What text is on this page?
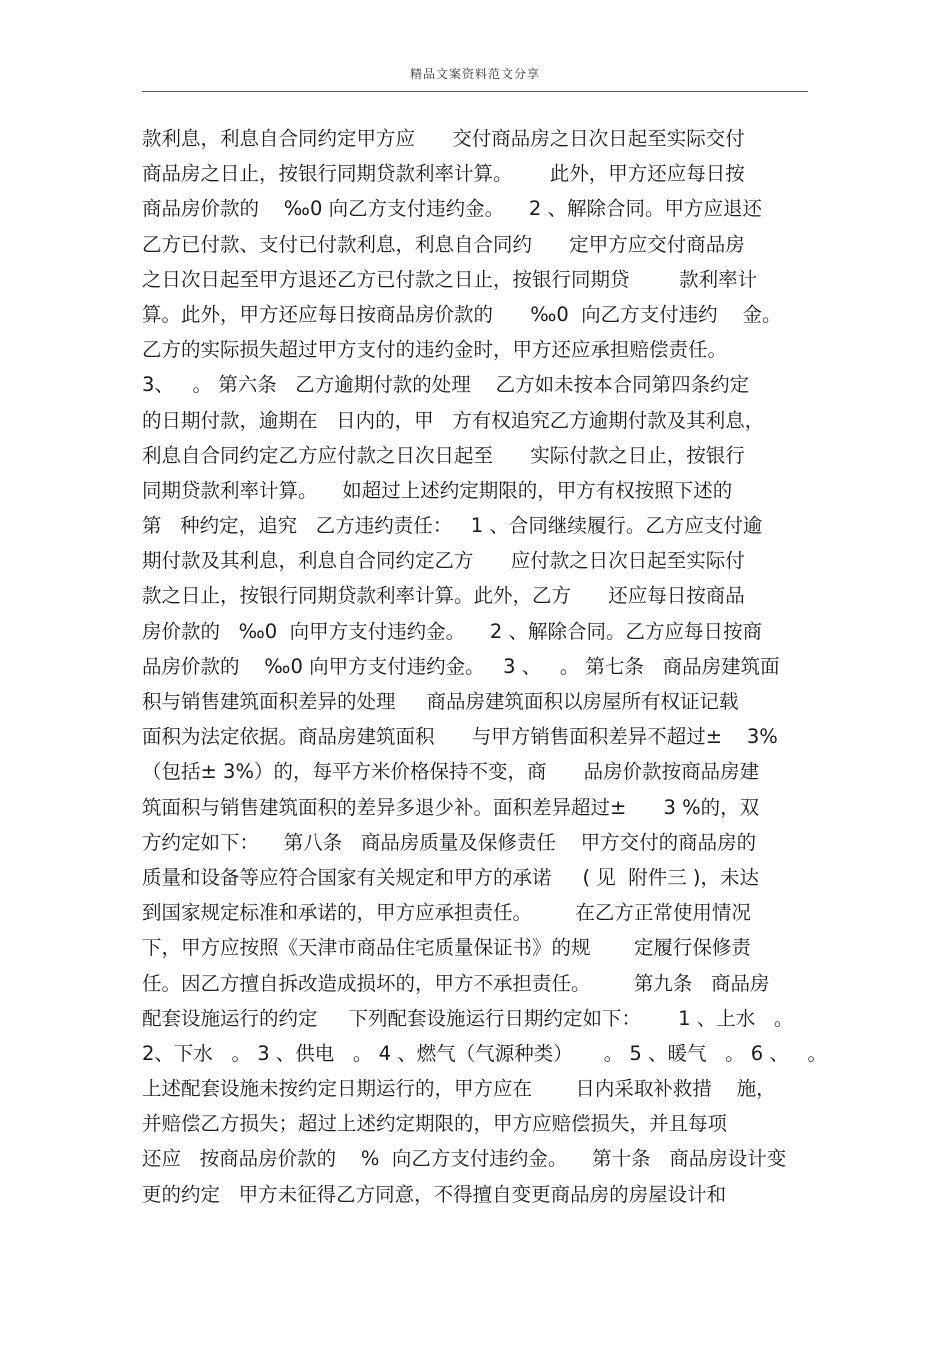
精品文案资料范文分享
款利息，利息自合同约定甲方应      交付商品房之日次日起至实际交付
商品房之日止，按银行同期贷款利率计算。      此外，甲方还应每日按
商品房价款的    ‰0 向乙方支付违约金。    2 、解除合同。甲方应退还
乙方已付款、支付已付款利息，利息自合同约      定甲方应交付商品房
之日次日起至甲方退还乙方已付款之日止，按银行同期贷        款利率计
算。此外，甲方还应每日按商品房价款的      ‰0  向乙方支付违约    金。
乙方的实际损失超过甲方支付的违约金时，甲方还应承担赔偿责任。
3、   。 第六条   乙方逾期付款的处理    乙方如未按本合同第四条约定
的日期付款，逾期在   日内的，甲   方有权追究乙方逾期付款及其利息，
利息自合同约定乙方应付款之日次日起至      实际付款之日止，按银行
同期贷款利率计算。    如超过上述约定期限的，甲方有权按照下述的
第   种约定，追究   乙方违约责任：   1 、合同继续履行。乙方应支付逾
期付款及其利息，利息自合同约定乙方      应付款之日次日起至实际付
款之日止，按银行同期贷款利率计算。此外，乙方      还应每日按商品
房价款的   ‰0  向甲方支付违约金。    2 、解除合同。乙方应每日按商
品房价款的    ‰0 向甲方支付违约金。   3 、   。 第七条   商品房建筑面
积与销售建筑面积差异的处理     商品房建筑面积以房屋所有权证记载
面积为法定依据。商品房建筑面积      与甲方销售面积差异不超过±    3%
（包括± 3%）的，每平方米价格保持不变，商      品房价款按商品房建
筑面积与销售建筑面积的差异多退少补。面积差异超过±      3 %的，双
方约定如下：    第八条   商品房质量及保修责任    甲方交付的商品房的
质量和设备等应符合国家有关规定和甲方的承诺     ( 见  附件三 )，未达
到国家规定标准和承诺的，甲方应承担责任。       在乙方正常使用情况
下，甲方应按照《天津市商品住宅质量保证书》的规       定履行保修责
任。因乙方擅自拆改造成损坏的，甲方不承担责任。       第九条   商品房
配套设施运行的约定     下列配套设施运行日期约定如下：      1 、上水   。
2、下水   。 3 、供电   。 4 、燃气（气源种类）     。 5 、暖气   。 6 、   。
上述配套设施未按约定日期运行的，甲方应在       日内采取补救措    施，
并赔偿乙方损失；超过上述约定期限的，甲方应赔偿损失，并且每项
还应   按商品房价款的    %  向乙方支付违约金。    第十条   商品房设计变
更的约定   甲方未征得乙方同意，不得擅自变更商品房的房屋设计和
